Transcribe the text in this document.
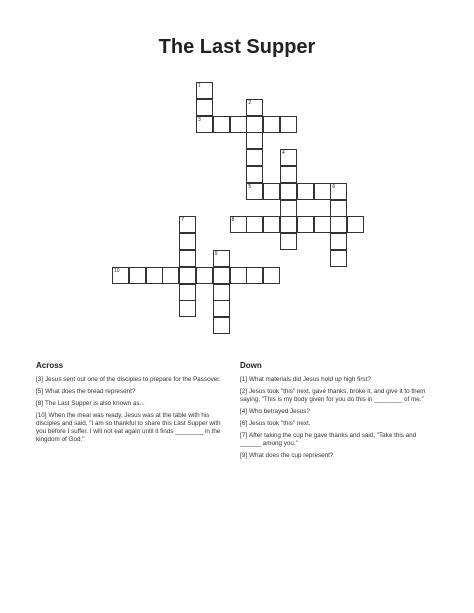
The Last Supper
1
2
3
4
5	6
7	8
9
10
Across	Down
[3] Jesus sent out one of the disciples to prepare for the Passover.
[5] What does the bread represent?
[8] The Last Supper is also known as...
[10] When the meal was ready, Jesus was at the table with his disciples and said, "I am so thankful to share this Last Supper with you before I suffer. I will not eat again until it finds ________ in the kingdom of God."
[1] What materials did Jesus hold up high first?
[2] Jesus took "this" next, gave thanks, broke it, and give it to them saying, "This is my body given for you do this in ________ of me."
[4] Who betrayed Jesus?
[6] Jesus took "this" next.
[7] After taking the cup he gave thanks and said, "Take this and ______ among you."
[9] What does the cup represent?
